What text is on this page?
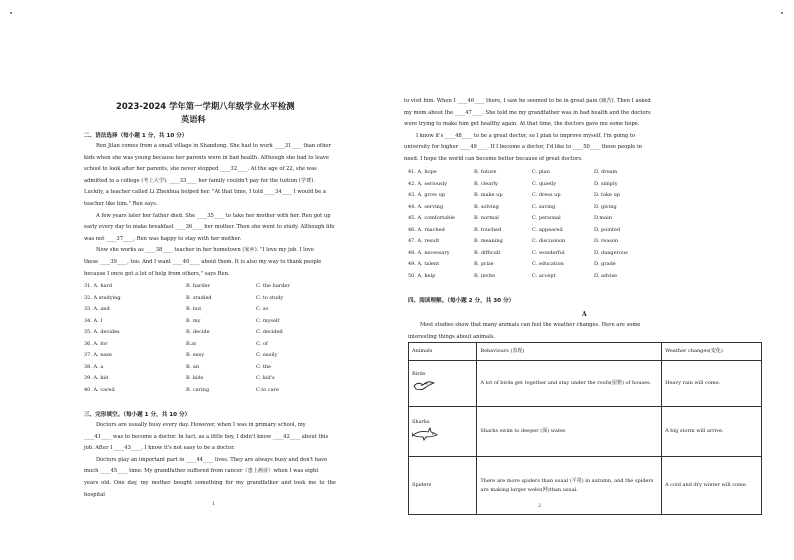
2023-2024 学年第一学期八年级学业水平检测
英语科
二、语法选择（每小题 1 分，共 10 分）
Ren Jilan comes from a small village in Shandong. She had to work ____31____ than other
kids when she was young because her parents were in bad health. Although she had to leave
school to look after her parents, she never stopped ____32____. At the age of 22, she was
admitted to a college (考上大学). ____33____ her family couldn't pay for the tuition (学费).
Luckily, a teacher called Li Zhenhua helped her. "At that time, I told ____34____ I would be a
teacher like him." Ren says.
A few years later her father died. She ____35____ to take her mother with her. Ren got up
early every day to make breakfast ____36____ her mother. Then she went to study. Although life
was not ____37____, Ren was happy to stay with her mother.
Now she works as ____38____ teacher in her hometown (家乡). "I love my job. I love
these ____39____, too. And I want ____40____ about them. It is also my way to thank people
because I once got a lot of help from others," says Ren.
31. A. hard	B. harder	C. the harder
32. A studying.	B. studied	C. to study
33. A. and	B. but	C. so
34. A. I	B. my	C. myself
35. A. decides	B. decide	C. decided
36. A. for	B.at	C. of
37. A. ease	B. easy	C. easily
38. A. a	B. an	C. the
39. A. kid	B. kids	C. kid's
40. A. cared	B. caring	C.to care
三、完形填空。（每小题 1 分，共 10 分）
Doctors are usually busy every day. However, when I was in primary school, my
____41____ was to become a doctor. In fact, as a little boy, I didn't know ____42____ about this
job. After I ____43____, I know it's not easy to be a doctor.
Doctors play an important part in ____44____ lives. They are always busy and don't have
much ____45____ time. My grandfather suffered from cancer（患上癌症）when I was eight
years old. One day, my mother bought something for my grandfather and took me to the hospital
1
to visit him. When I ____46____ there, I saw he seemed to be in great pain (痛苦). Then I asked
my mom about the ____47____. She told me my grandfather was in bad health and the doctors
were trying to make him get healthy again. At that time, the doctors gave me some hope.
I know it's ____48____ to be a great doctor, so I plan to improve myself. I'm going to
university for higher ____49____. If I become a doctor, I'd like to ____50____ those people in
need. I hope the world can become better because of great doctors.
41. A. hope	B. future	C. plan	D. dream
42. A. seriously	B. clearly	C. quietly	D. simply
43. A. grow up	B. make up	C. dress up	D. take up
44. A. serving	B. solving	C. saving	D. giving
45. A. comfortable	B. normal	C. personal	D.main
46. A. reached	B. touched	C. appeared	D. pointed
47. A. result	B. meaning	C. discussion	D. reason
48. A. necessary	B. difficult	C. wonderful	D. dangerous
49. A. talent	B. prize	C. education	D. grade
50. A. help	B. invite	C. accept	D. advise
四、阅读理解。（每小题 2 分，共 30 分）
A
Most studies show that many animals can feel the weather changes. Here are some
interesting things about animals.
Animals	Behaviours (表现)	Weather changes(变化)

Birds	A lot of birds get together and stay under the roofs(屋檐) of houses.	Heavy rain will come.

Sharks	Sharks swim to deeper (深) water.	A big storm will arrive.

Spiders	There are more spiders than usual (平常) in autumn, and the spiders are making larger webs(网)than usual.	A cold and dry winter will come.
2
